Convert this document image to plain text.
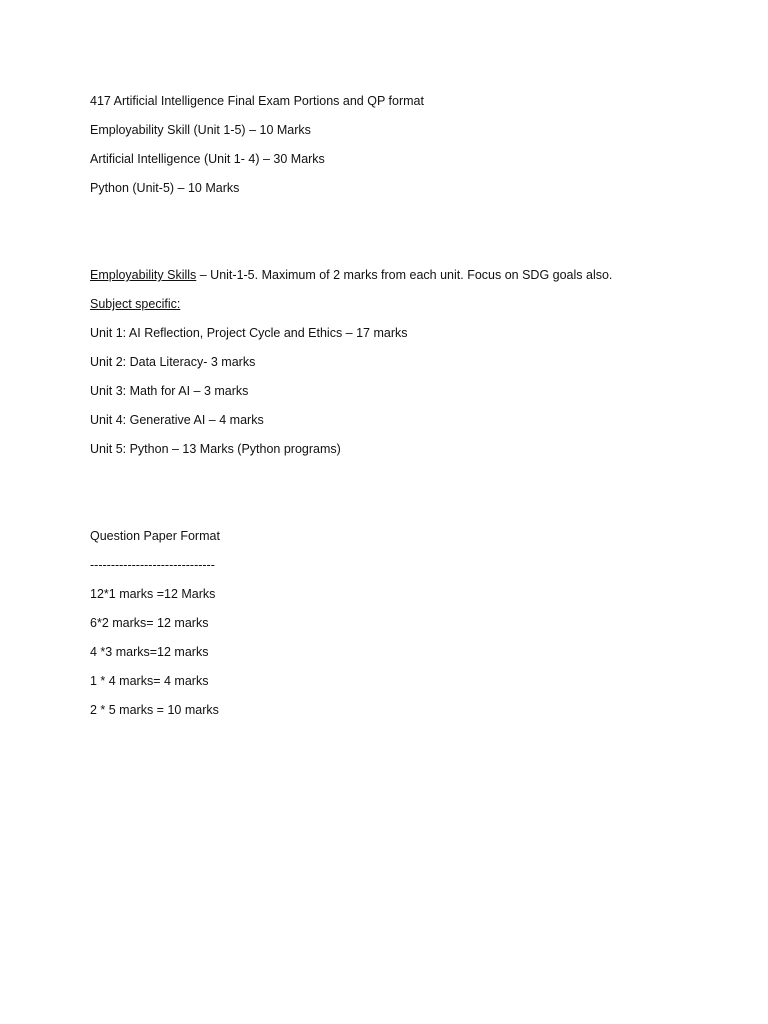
417 Artificial Intelligence Final Exam Portions and QP format
Employability Skill (Unit 1-5) – 10 Marks
Artificial Intelligence (Unit 1- 4) – 30 Marks
Python (Unit-5) – 10 Marks
Employability Skills – Unit-1-5. Maximum of 2 marks from each unit. Focus on SDG goals also.
Subject specific:
Unit 1: AI Reflection, Project Cycle and Ethics – 17 marks
Unit 2: Data Literacy- 3 marks
Unit 3: Math for AI – 3 marks
Unit 4: Generative AI – 4 marks
Unit 5: Python – 13 Marks (Python programs)
Question Paper Format
------------------------------
12*1 marks =12 Marks
6*2 marks= 12 marks
4 *3 marks=12 marks
1 * 4 marks= 4 marks
2 * 5 marks = 10 marks
